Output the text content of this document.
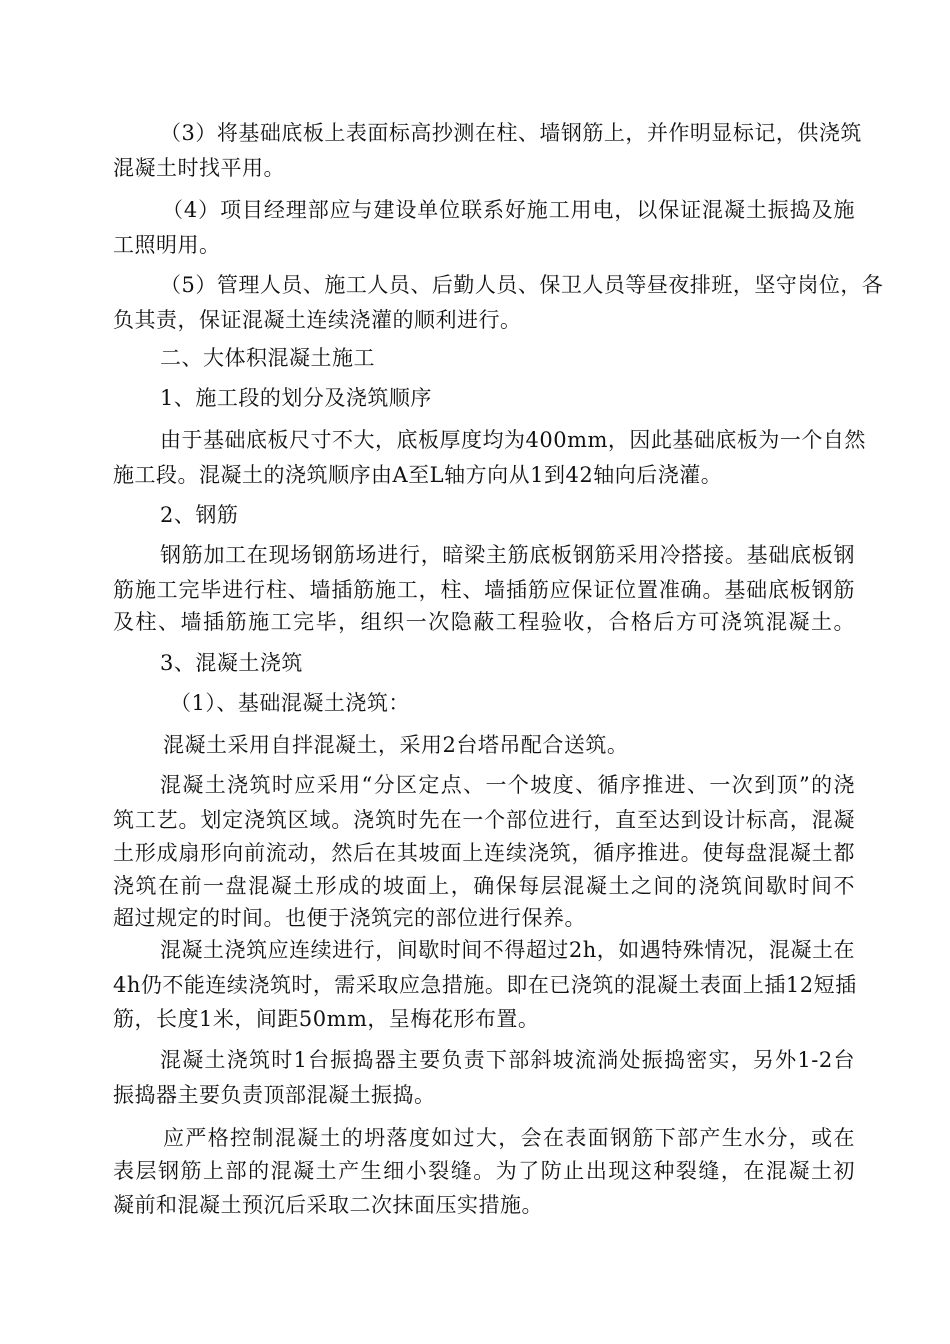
（3）将基础底板上表面标高抄测在柱、墙钢筋上，并作明显标记，供浇筑
混凝土时找平用。
（4）项目经理部应与建设单位联系好施工用电，以保证混凝土振捣及施
工照明用。
（5）管理人员、施工人员、后勤人员、保卫人员等昼夜排班，坚守岗位，各
负其责，保证混凝土连续浇灌的顺利进行。
二、大体积混凝土施工
1、施工段的划分及浇筑顺序
由于基础底板尺寸不大，底板厚度均为400mm，因此基础底板为一个自然
施工段。混凝土的浇筑顺序由A至L轴方向从1到42轴向后浇灌。
2、钢筋
钢筋加工在现场钢筋场进行，暗梁主筋底板钢筋采用冷搭接。基础底板钢
筋施工完毕进行柱、墙插筋施工，柱、墙插筋应保证位置准确。基础底板钢筋
及柱、墙插筋施工完毕，组织一次隐蔽工程验收，合格后方可浇筑混凝土。
3、混凝土浇筑
（1）、基础混凝土浇筑：
混凝土采用自拌混凝土，采用2台塔吊配合送筑。
混凝土浇筑时应采用“分区定点、一个坡度、循序推进、一次到顶”的浇
筑工艺。划定浇筑区域。浇筑时先在一个部位进行，直至达到设计标高，混凝
土形成扇形向前流动，然后在其坡面上连续浇筑，循序推进。使每盘混凝土都
浇筑在前一盘混凝土形成的坡面上，确保每层混凝土之间的浇筑间歇时间不
超过规定的时间。也便于浇筑完的部位进行保养。
混凝土浇筑应连续进行，间歇时间不得超过2h，如遇特殊情况，混凝土在
4h仍不能连续浇筑时，需采取应急措施。即在已浇筑的混凝土表面上插12短插
筋，长度1米，间距50mm，呈梅花形布置。
混凝土浇筑时1台振捣器主要负责下部斜坡流淌处振捣密实，另外1-2台
振捣器主要负责顶部混凝土振捣。
应严格控制混凝土的坍落度如过大，会在表面钢筋下部产生水分，或在
表层钢筋上部的混凝土产生细小裂缝。为了防止出现这种裂缝，在混凝土初
凝前和混凝土预沉后采取二次抹面压实措施。
